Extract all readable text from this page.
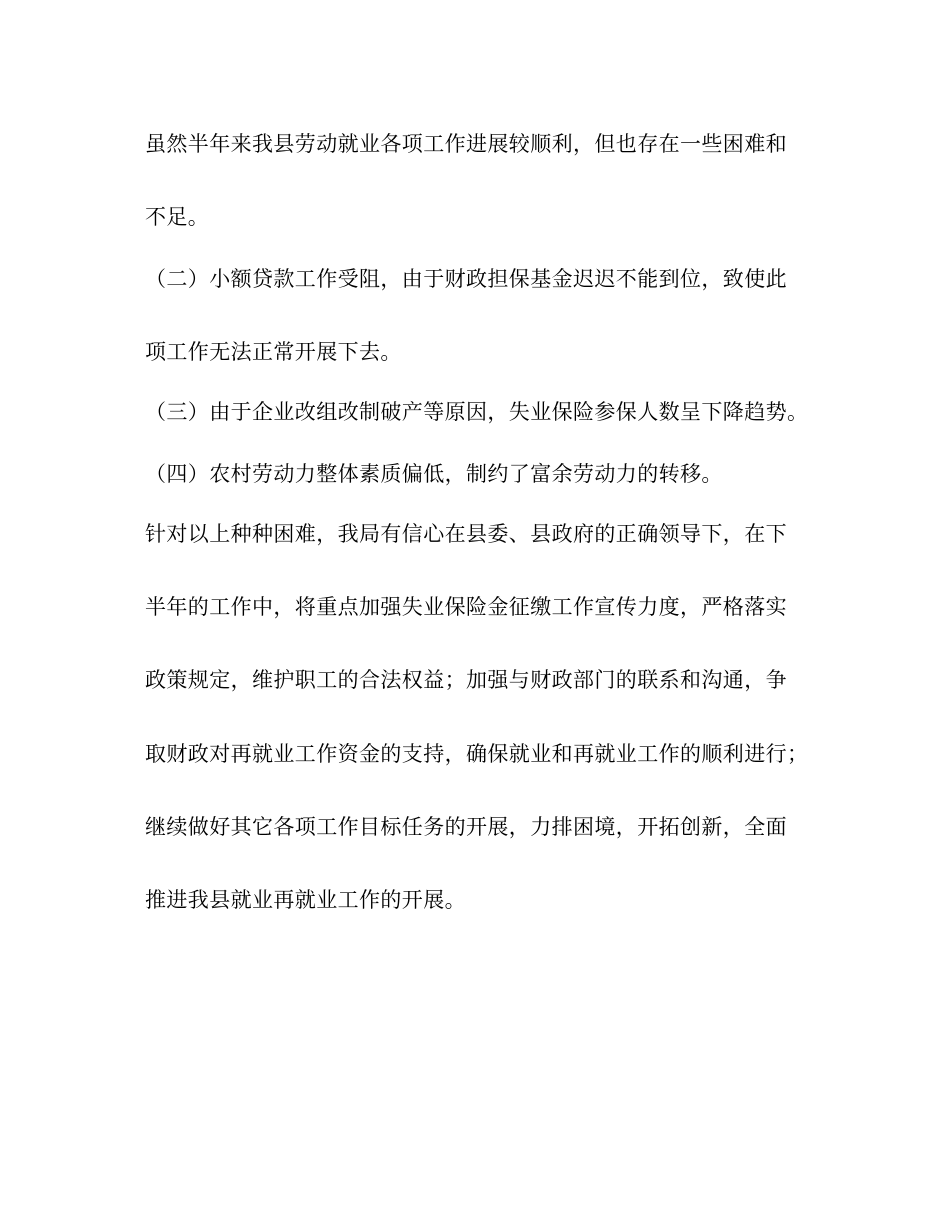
虽然半年来我县劳动就业各项工作进展较顺利，但也存在一些困难和
不足。
（二）小额贷款工作受阻，由于财政担保基金迟迟不能到位，致使此
项工作无法正常开展下去。
（三）由于企业改组改制破产等原因，失业保险参保人数呈下降趋势。
（四）农村劳动力整体素质偏低，制约了富余劳动力的转移。
针对以上种种困难，我局有信心在县委、县政府的正确领导下，在下
半年的工作中，将重点加强失业保险金征缴工作宣传力度，严格落实
政策规定，维护职工的合法权益；加强与财政部门的联系和沟通，争
取财政对再就业工作资金的支持，确保就业和再就业工作的顺利进行；
继续做好其它各项工作目标任务的开展，力排困境，开拓创新，全面
推进我县就业再就业工作的开展。
